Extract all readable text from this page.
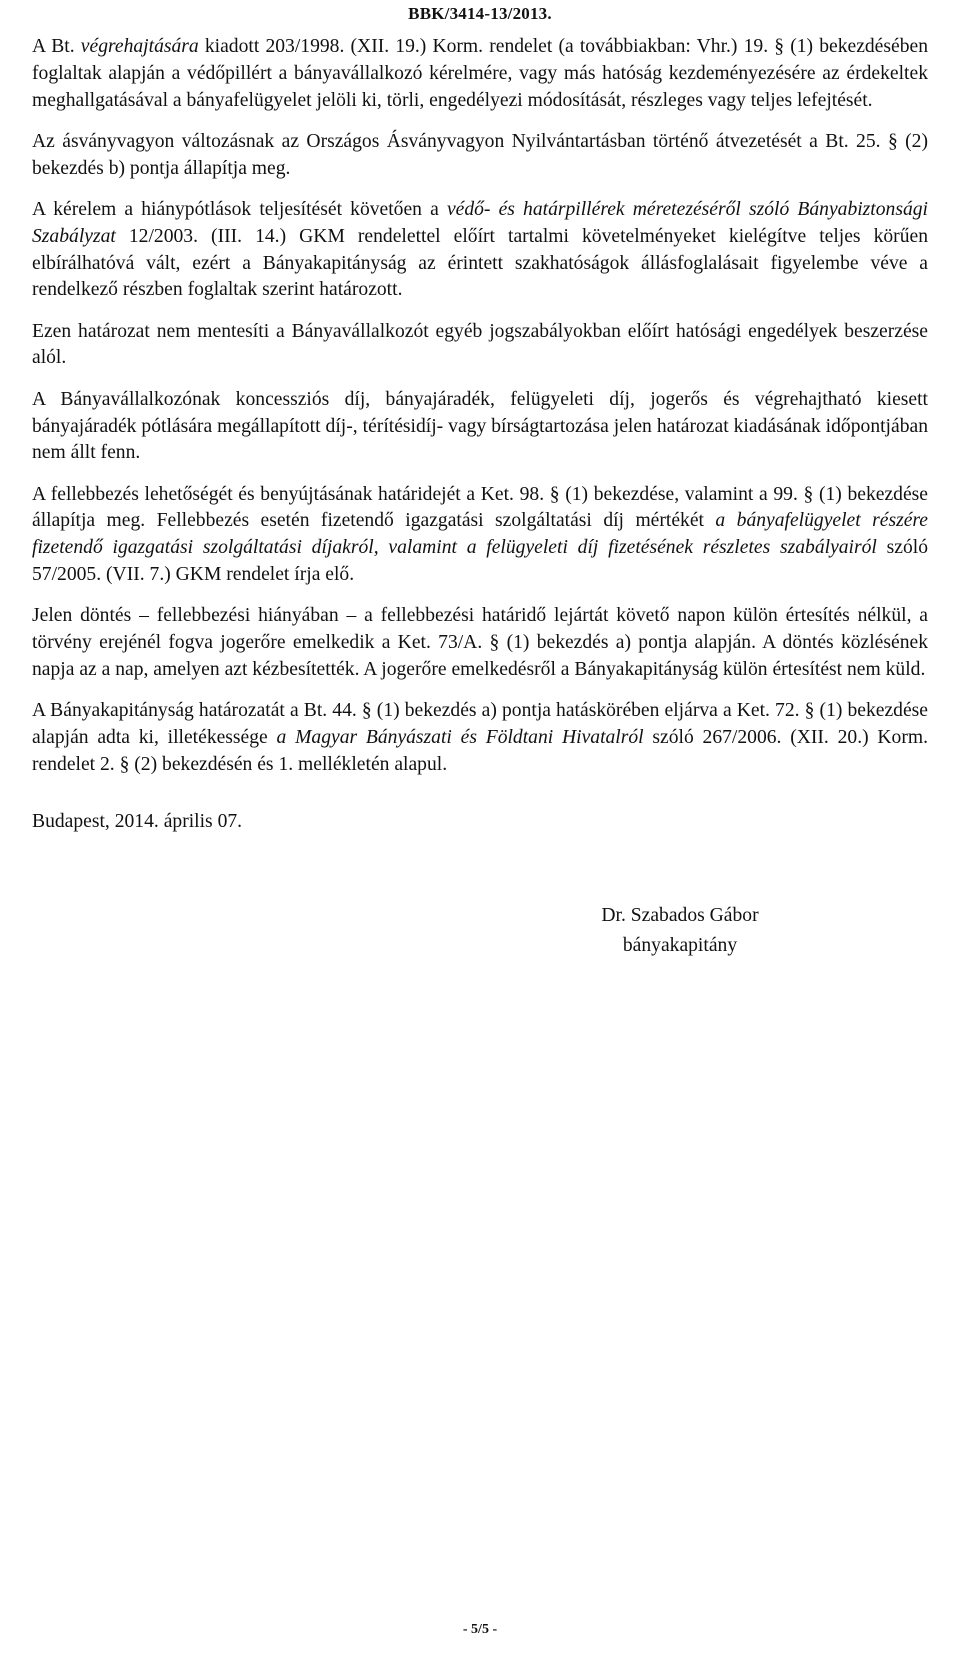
BBK/3414-13/2013.

A Bt. végrehajtására kiadott 203/1998. (XII. 19.) Korm. rendelet (a továbbiakban: Vhr.) 19. § (1) bekezdésében foglaltak alapján a védőpillért a bányavállalkozó kérelmére, vagy más hatóság kezdeményezésére az érdekeltek meghallgatásával a bányafelügyelet jelöli ki, törli, engedélyezi módosítását, részleges vagy teljes lefejtését.

Az ásványvagyon változásnak az Országos Ásványvagyon Nyilvántartásban történő átvezetését a Bt. 25. § (2) bekezdés b) pontja állapítja meg.

A kérelem a hiánypótlások teljesítését követően a védő- és határpillérek méretezéséről szóló Bányabiztonsági Szabályzat 12/2003. (III. 14.) GKM rendelettel előírt tartalmi követelményeket kielégítve teljes körűen elbírálhatóvá vált, ezért a Bányakapitányság az érintett szakhatóságok állásfoglalásait figyelembe véve a rendelkező részben foglaltak szerint határozott.

Ezen határozat nem mentesíti a Bányavállalkozót egyéb jogszabályokban előírt hatósági engedélyek beszerzése alól.

A Bányavállalkozónak koncessziós díj, bányajáradék, felügyeleti díj, jogerős és végrehajtható kiesett bányajáradék pótlására megállapított díj-, térítésidíj- vagy bírságtartozása jelen határozat kiadásának időpontjában nem állt fenn.

A fellebbezés lehetőségét és benyújtásának határidejét a Ket. 98. § (1) bekezdése, valamint a 99. § (1) bekezdése állapítja meg. Fellebbezés esetén fizetendő igazgatási szolgáltatási díj mértékét a bányafelügyelet részére fizetendő igazgatási szolgáltatási díjakról, valamint a felügyeleti díj fizetésének részletes szabályairól szóló 57/2005. (VII. 7.) GKM rendelet írja elő.

Jelen döntés – fellebbezési hiányában – a fellebbezési határidő lejártát követő napon külön értesítés nélkül, a törvény erejénél fogva jogerőre emelkedik a Ket. 73/A. § (1) bekezdés a) pontja alapján. A döntés közlésének napja az a nap, amelyen azt kézbesítették. A jogerőre emelkedésről a Bányakapitányság külön értesítést nem küld.

A Bányakapitányság határozatát a Bt. 44. § (1) bekezdés a) pontja hatáskörében eljárva a Ket. 72. § (1) bekezdése alapján adta ki, illetékessége a Magyar Bányászati és Földtani Hivatalról szóló 267/2006. (XII. 20.) Korm. rendelet 2. § (2) bekezdésén és 1. mellékletén alapul.

Budapest, 2014. április 07.
Dr. Szabados Gábor
bányakapitány
- 5/5 -
